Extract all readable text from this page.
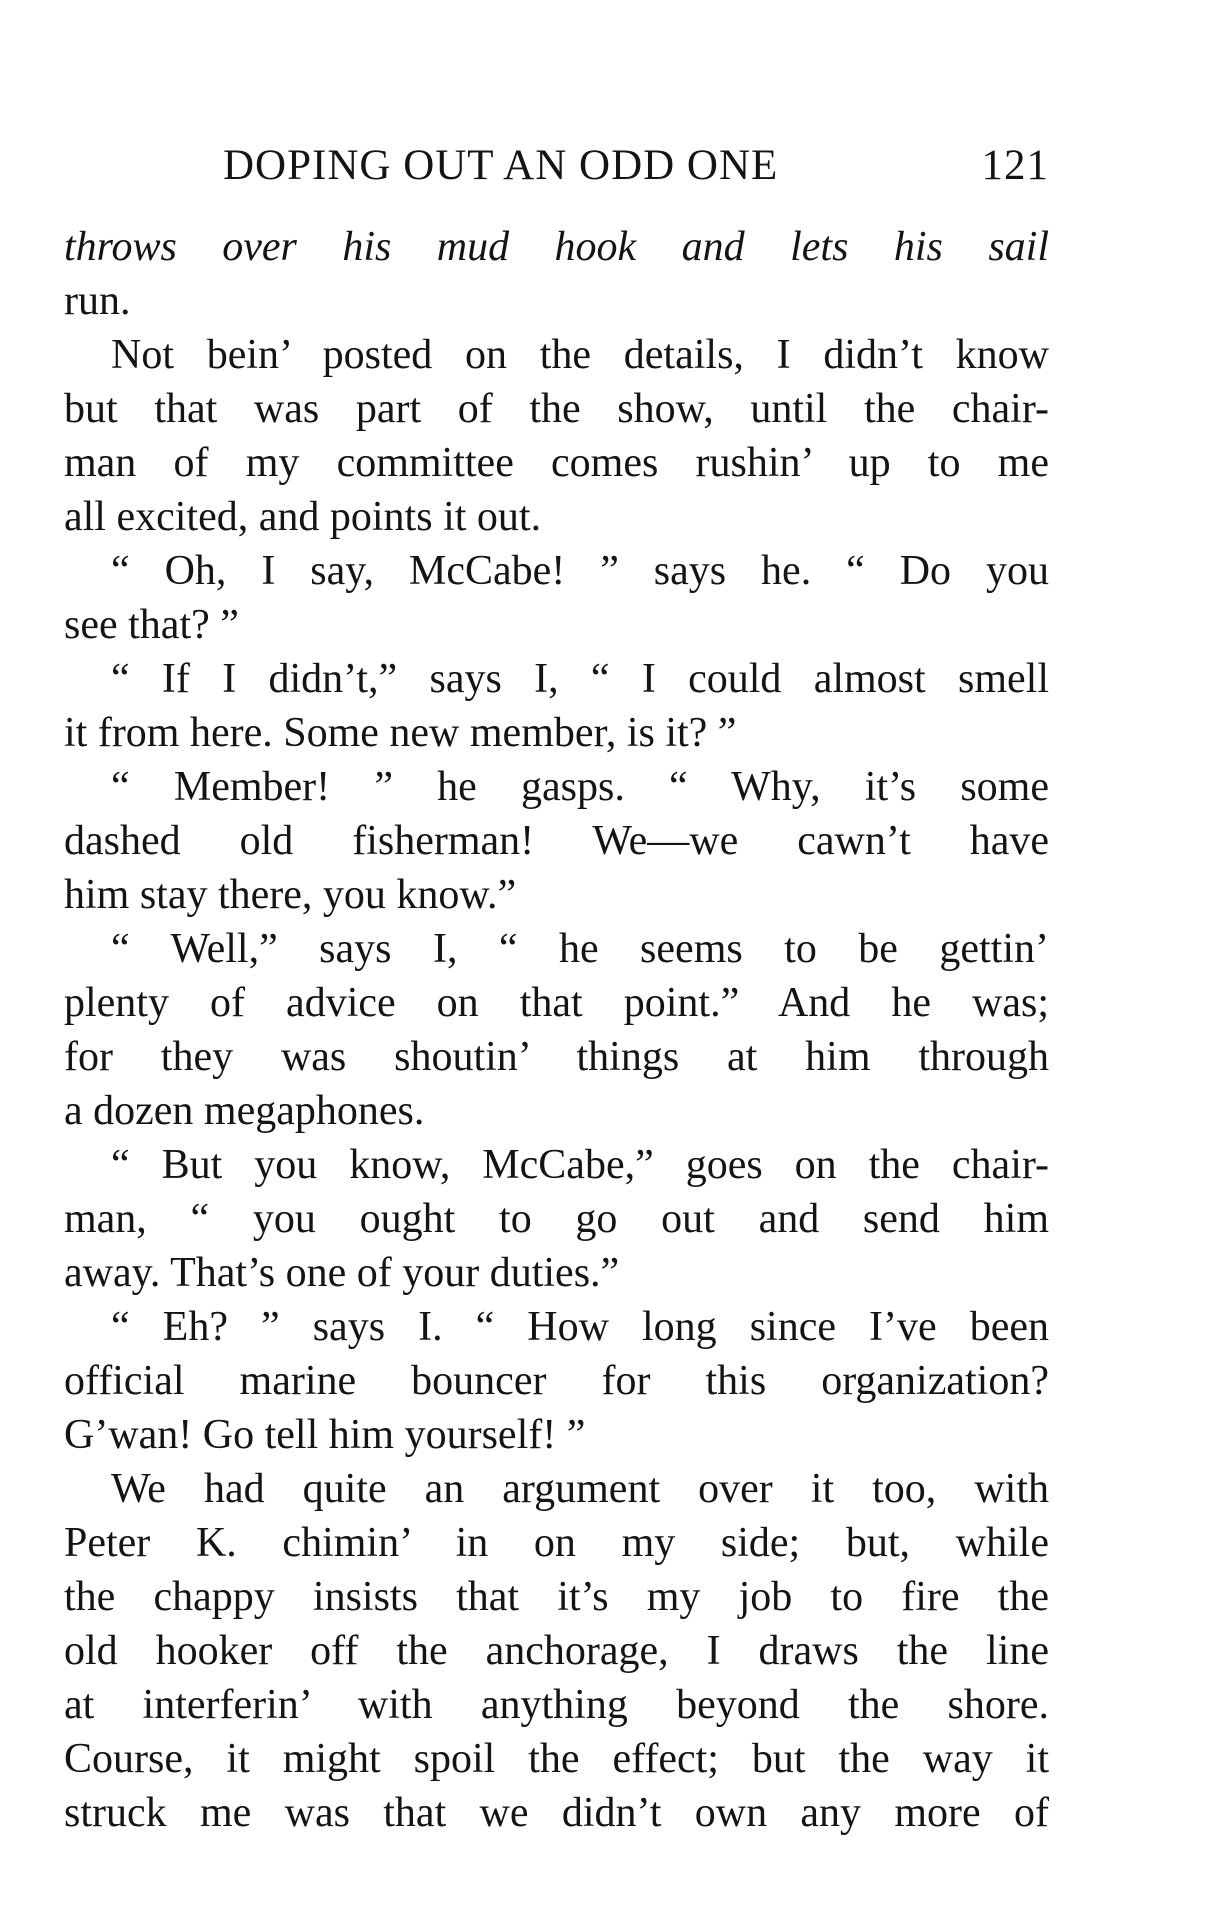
DOPING OUT AN ODD ONE	121
throws over his mud hook and lets his sail
run.
Not bein’ posted on the details, I didn’t know
but that was part of the show, until the chair-
man of my committee comes rushin’ up to me
all excited, and points it out.
“ Oh, I say, McCabe! ” says he. “ Do you
see that? ”
“ If I didn’t,” says I, “ I could almost smell
it from here. Some new member, is it? ”
“ Member! ” he gasps. “ Why, it’s some
dashed old fisherman! We—we cawn’t have
him stay there, you know.”
“ Well,” says I, “ he seems to be gettin’
plenty of advice on that point.” And he was;
for they was shoutin’ things at him through
a dozen megaphones.
“ But you know, McCabe,” goes on the chair-
man, “ you ought to go out and send him
away. That’s one of your duties.”
“ Eh? ” says I. “ How long since I’ve been
official marine bouncer for this organization?
G’wan! Go tell him yourself! ”
We had quite an argument over it too, with
Peter K. chimin’ in on my side; but, while
the chappy insists that it’s my job to fire the
old hooker off the anchorage, I draws the line
at interferin’ with anything beyond the shore.
Course, it might spoil the effect; but the way it
struck me was that we didn’t own any more of
